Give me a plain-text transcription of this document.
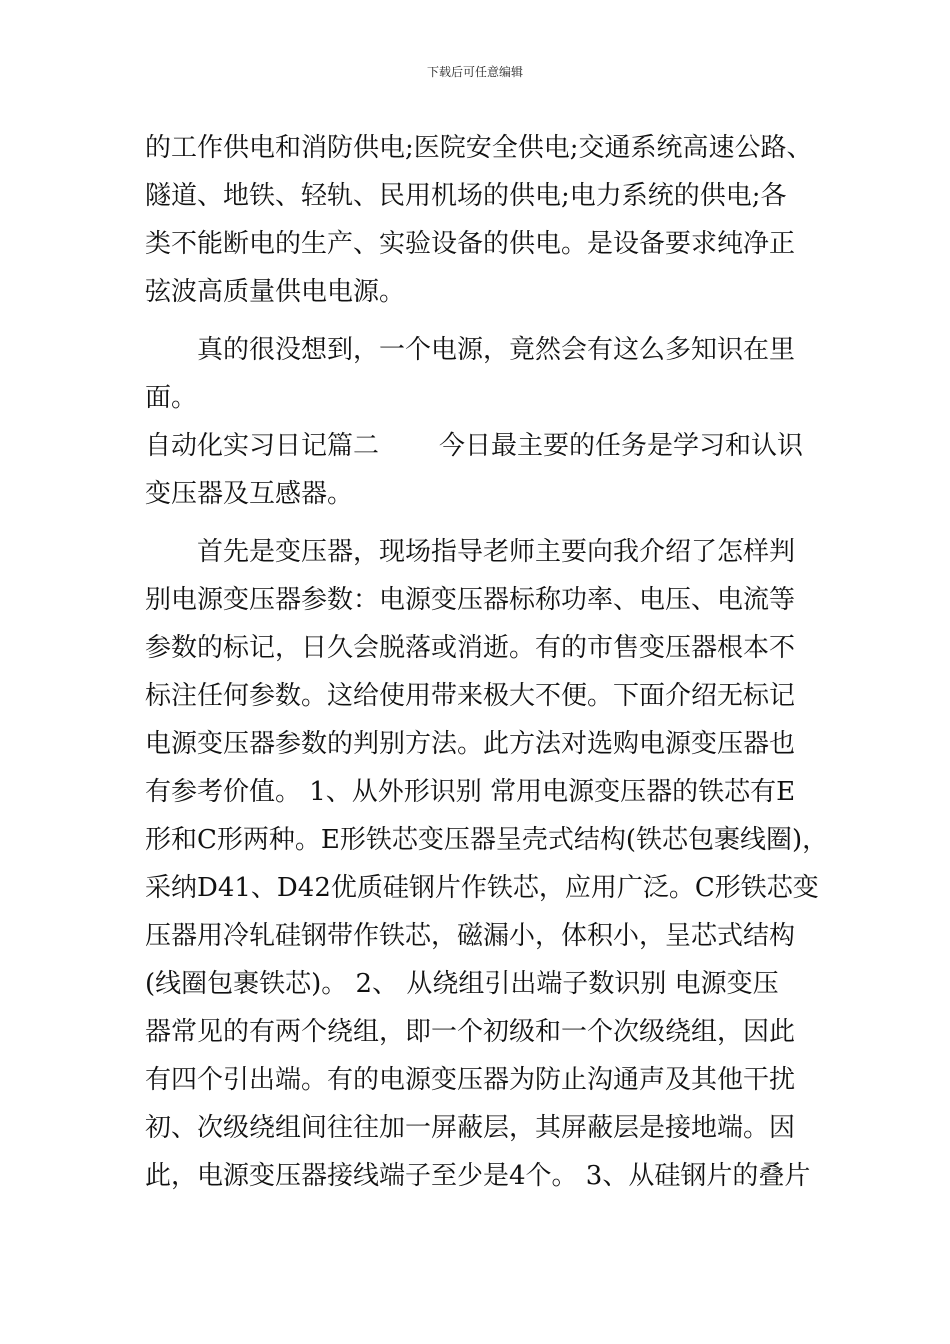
下载后可任意编辑
的工作供电和消防供电;医院安全供电;交通系统高速公路、
隧道、地铁、轻轨、民用机场的供电;电力系统的供电;各
类不能断电的生产、实验设备的供电。是设备要求纯净正
弦波高质量供电电源。
真的很没想到，一个电源，竟然会有这么多知识在里
面。
自动化实习日记篇二 今日最主要的任务是学习和认识
变压器及互感器。
首先是变压器，现场指导老师主要向我介绍了怎样判
别电源变压器参数：电源变压器标称功率、电压、电流等
参数的标记，日久会脱落或消逝。有的市售变压器根本不
标注任何参数。这给使用带来极大不便。下面介绍无标记
电源变压器参数的判别方法。此方法对选购电源变压器也
有参考价值。 1、从外形识别 常用电源变压器的铁芯有E
形和C形两种。E形铁芯变压器呈壳式结构(铁芯包裹线圈)，
采纳D41、D42优质硅钢片作铁芯，应用广泛。C形铁芯变
压器用冷轧硅钢带作铁芯，磁漏小，体积小，呈芯式结构
(线圈包裹铁芯)。 2、 从绕组引出端子数识别 电源变压
器常见的有两个绕组，即一个初级和一个次级绕组，因此
有四个引出端。有的电源变压器为防止沟通声及其他干扰
初、次级绕组间往往加一屏蔽层，其屏蔽层是接地端。因
此，电源变压器接线端子至少是4个。 3、从硅钢片的叠片
